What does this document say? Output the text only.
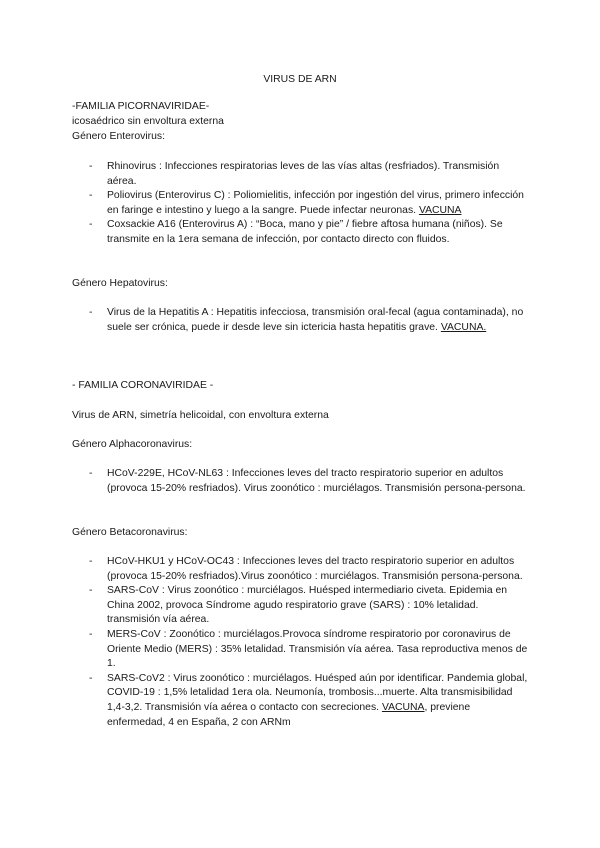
VIRUS DE ARN
-FAMILIA PICORNAVIRIDAE-
icosaédrico sin envoltura externa
Género Enterovirus:
- Rhinovirus : Infecciones respiratorias leves de las vías altas (resfriados). Transmisión aérea.
- Poliovirus (Enterovirus C) : Poliomielitis, infección por ingestión del virus, primero infección en faringe e intestino y luego a la sangre. Puede infectar neuronas. VACUNA
- Coxsackie A16 (Enterovirus A) : “Boca, mano y pie” / fiebre aftosa humana (niños). Se transmite en la 1era semana de infección, por contacto directo con fluidos.
Género Hepatovirus:
- Virus de la Hepatitis A : Hepatitis infecciosa, transmisión oral-fecal (agua contaminada), no suele ser crónica, puede ir desde leve sin ictericia hasta hepatitis grave. VACUNA.
- FAMILIA CORONAVIRIDAE -
Virus de ARN, simetría helicoidal, con envoltura externa
Género Alphacoronavirus:
- HCoV-229E, HCoV-NL63 : Infecciones leves del tracto respiratorio superior en adultos (provoca 15-20% resfriados). Virus zoonótico : murciélagos. Transmisión persona-persona.
Género Betacoronavirus:
- HCoV-HKU1 y HCoV-OC43 : Infecciones leves del tracto respiratorio superior en adultos (provoca 15-20% resfriados).Virus zoonótico : murciélagos. Transmisión persona-persona.
- SARS-CoV : Virus zoonótico : murciélagos. Huésped intermediario civeta. Epidemia en China 2002, provoca Síndrome agudo respiratorio grave (SARS) : 10% letalidad. transmisión vía aérea.
- MERS-CoV : Zoonótico : murciélagos.Provoca síndrome respiratorio por coronavirus de Oriente Medio (MERS) : 35% letalidad. Transmisión vía aérea. Tasa reproductiva menos de 1.
- SARS-CoV2 : Virus zoonótico : murciélagos. Huésped aún por identificar. Pandemia global, COVID-19 : 1,5% letalidad 1era ola. Neumonía, trombosis...muerte. Alta transmisibilidad 1,4-3,2. Transmisión vía aérea o contacto con secreciones. VACUNA, previene enfermedad, 4 en España, 2 con ARNm
